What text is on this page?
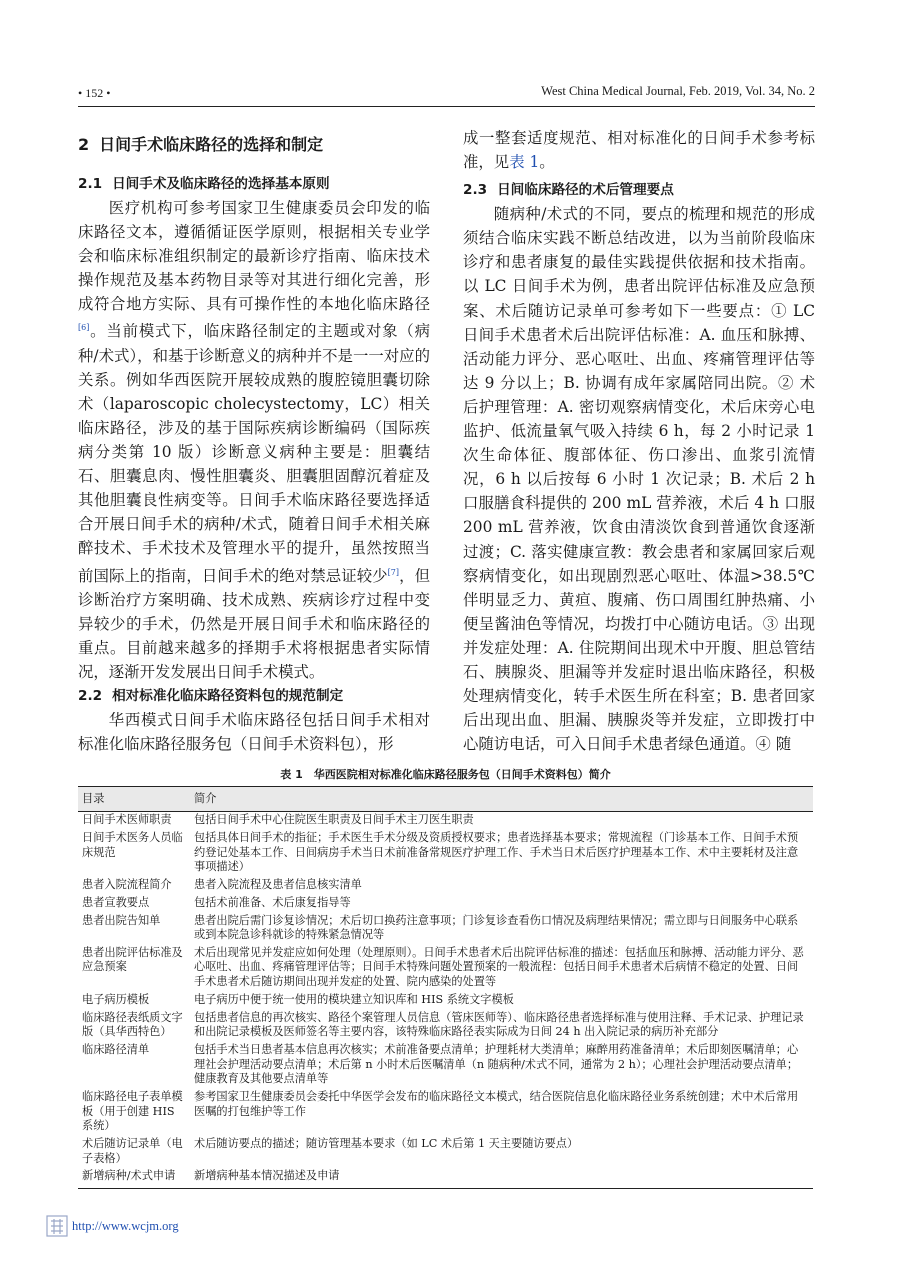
• 152 •	West China Medical Journal, Feb. 2019, Vol. 34, No. 2
2 日间手术临床路径的选择和制定
2.1 日间手术及临床路径的选择基本原则

医疗机构可参考国家卫生健康委员会印发的临床路径文本，遵循循证医学原则，根据相关专业学会和临床标准组织制定的最新诊疗指南、临床技术操作规范及基本药物目录等对其进行细化完善，形成符合地方实际、具有可操作性的本地化临床路径[6]。当前模式下，临床路径制定的主题或对象（病种/术式），和基于诊断意义的病种并不是一一对应的关系。例如华西医院开展较成熟的腹腔镜胆囊切除术（laparoscopic cholecystectomy，LC）相关临床路径，涉及的基于国际疾病诊断编码（国际疾病分类第 10 版）诊断意义病种主要是：胆囊结石、胆囊息肉、慢性胆囊炎、胆囊胆固醇沉着症及其他胆囊良性病变等。日间手术临床路径要选择适合开展日间手术的病种/术式，随着日间手术相关麻醉技术、手术技术及管理水平的提升，虽然按照当前国际上的指南，日间手术的绝对禁忌证较少[7]，但诊断治疗方案明确、技术成熟、疾病诊疗过程中变异较少的手术，仍然是开展日间手术和临床路径的重点。目前越来越多的择期手术将根据患者实际情况，逐渐开发发展出日间手术模式。

2.2 相对标准化临床路径资料包的规范制定

华西模式日间手术临床路径包括日间手术相对标准化临床路径服务包（日间手术资料包），形

成一整套适度规范、相对标准化的日间手术参考标准，见表 1。

2.3 日间临床路径的术后管理要点

随病种/术式的不同，要点的梳理和规范的形成须结合临床实践不断总结改进，以为当前阶段临床诊疗和患者康复的最佳实践提供依据和技术指南。以 LC 日间手术为例，患者出院评估标准及应急预案、术后随访记录单可参考如下一些要点：① LC 日间手术患者术后出院评估标准：A. 血压和脉搏、活动能力评分、恶心呕吐、出血、疼痛管理评估等达 9 分以上；B. 协调有成年家属陪同出院。② 术后护理管理：A. 密切观察病情变化，术后床旁心电监护、低流量氧气吸入持续 6 h，每 2 小时记录 1 次生命体征、腹部体征、伤口渗出、血浆引流情况，6 h 以后按每 6 小时 1 次记录；B. 术后 2 h 口服膳食科提供的 200 mL 营养液，术后 4 h 口服 200 mL 营养液，饮食由清淡饮食到普通饮食逐渐过渡；C. 落实健康宣教：教会患者和家属回家后观察病情变化，如出现剧烈恶心呕吐、体温>38.5℃伴明显乏力、黄疸、腹痛、伤口周围红肿热痛、小便呈酱油色等情况，均拨打中心随访电话。③ 出现并发症处理：A. 住院期间出现术中开腹、胆总管结石、胰腺炎、胆漏等并发症时退出临床路径，积极处理病情变化，转手术医生所在科室；B. 患者回家后出现出血、胆漏、胰腺炎等并发症，立即拨打中心随访电话，可入日间手术患者绿色通道。④ 随

表 1　华西医院相对标准化临床路径服务包（日间手术资料包）简介
目录	简介
日间手术医师职责	包括日间手术中心住院医生职责及日间手术主刀医生职责
日间手术医务人员临床规范	包括具体日间手术的指征；手术医生手术分级及资质授权要求；患者选择基本要求；常规流程（门诊基本工作、日间手术预约登记处基本工作、日间病房手术当日术前准备常规医疗护理工作、手术当日术后医疗护理基本工作、术中主要耗材及注意事项描述）
患者入院流程简介	患者入院流程及患者信息核实清单
患者宣教要点	包括术前准备、术后康复指导等
患者出院告知单	患者出院后需门诊复诊情况；术后切口换药注意事项；门诊复诊查看伤口情况及病理结果情况；需立即与日间服务中心联系或到本院急诊科就诊的特殊紧急情况等
患者出院评估标准及应急预案	术后出现常见并发症应如何处理（处理原则）。日间手术患者术后出院评估标准的描述：包括血压和脉搏、活动能力评分、恶心呕吐、出血、疼痛管理评估等；日间手术特殊问题处置预案的一般流程：包括日间手术患者术后病情不稳定的处置、日间手术患者术后随访期间出现并发症的处置、院内感染的处置等
电子病历模板	电子病历中便于统一使用的模块建立知识库和 HIS 系统文字模板
临床路径表纸质文字版（具华西特色）	包括患者信息的再次核实、路径个案管理人员信息（管床医师等）、临床路径患者选择标准与使用注释、手术记录、护理记录和出院记录模板及医师签名等主要内容，该特殊临床路径表实际成为日间 24 h 出入院记录的病历补充部分
临床路径清单	包括手术当日患者基本信息再次核实；术前准备要点清单；护理耗材大类清单；麻醉用药准备清单；术后即刻医嘱清单；心理社会护理活动要点清单；术后第 n 小时术后医嘱清单（n 随病种/术式不同，通常为 2 h）；心理社会护理活动要点清单；健康教育及其他要点清单等
临床路径电子表单模板（用于创建 HIS 系统）	参考国家卫生健康委员会委托中华医学会发布的临床路径文本模式，结合医院信息化临床路径业务系统创建；术中术后常用医嘱的打包维护等工作
术后随访记录单（电子表格）	术后随访要点的描述；随访管理基本要求（如 LC 术后第 1 天主要随访要点）
新增病种/术式申请	新增病种基本情况描述及申请
http://www.wcjm.org
